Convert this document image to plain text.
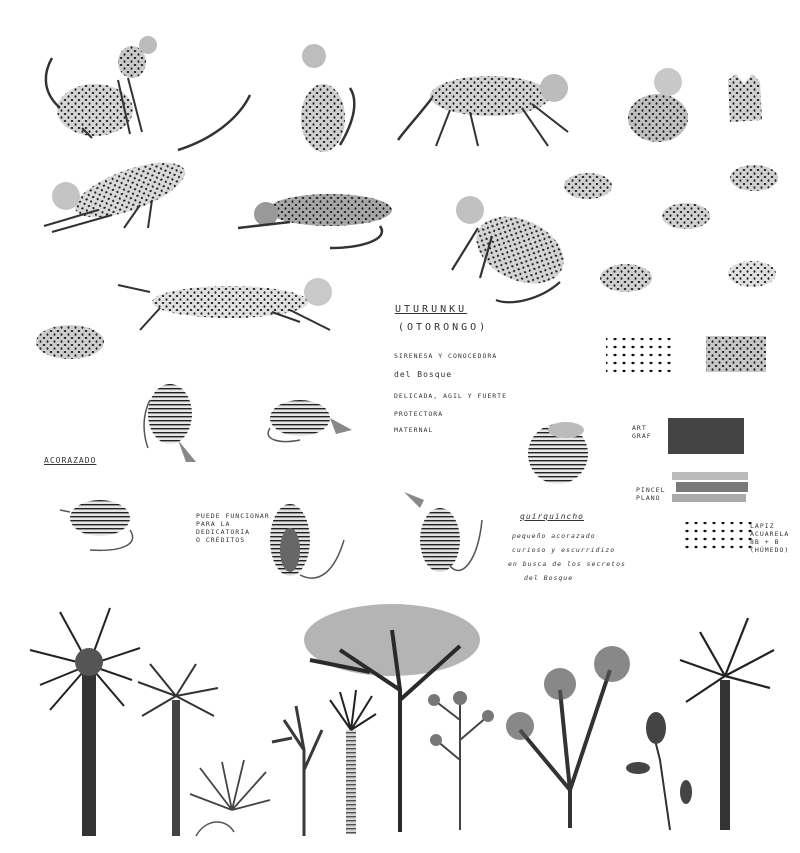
UTURUNKU
(OTORONGO)
SIRENESA Y CONOCEDORA
del Bosque
DELICADA, AGIL Y FUERTE
PROTECTORA
MATERNAL
ACORAZADO
PUEDE FUNCIONAR
PARA LA
DEDICATORIA
O CRÉDITOS
quirquincho
pequeño acorazado
curioso y escurridizo
en busca de los secretos
del Bosque
ART
GRAF
PINCEL
PLANO
LAPIZ
ACUARELA
8B + B
(HÚMEDO)
